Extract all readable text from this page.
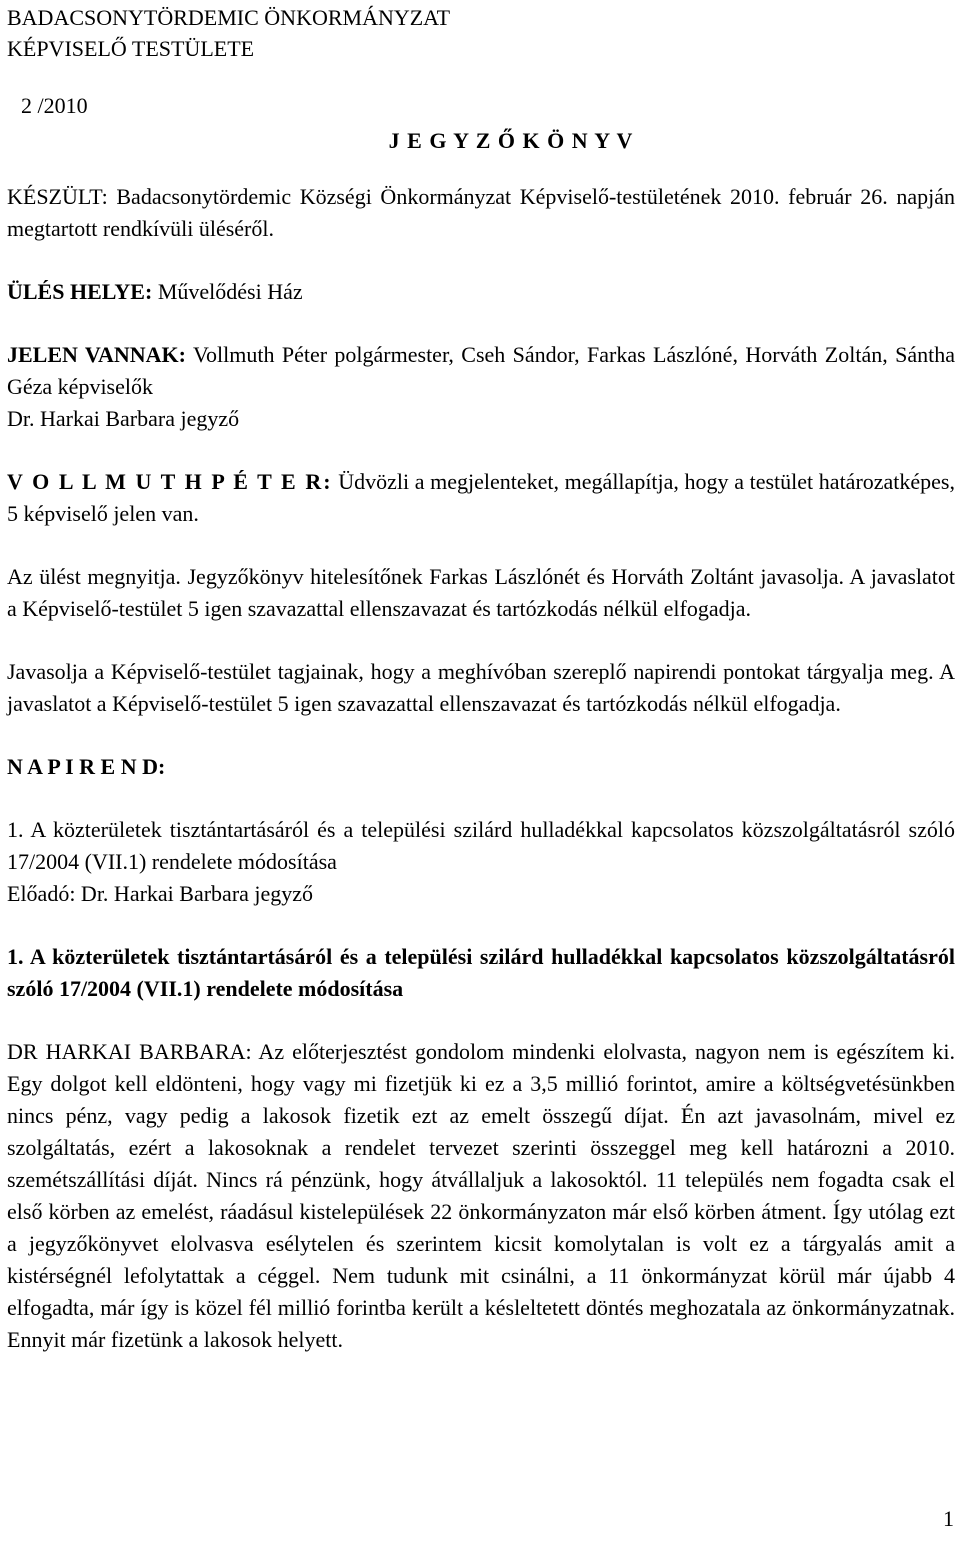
BADACSONYTÖRDEMIC ÖNKORMÁNYZAT
KÉPVISELŐ TESTÜLETE
2 /2010
J E G Y Z Ő K Ö N Y V

KÉSZÜLT: Badacsonytördemic Községi Önkormányzat Képviselő-testületének 2010. február 26. napján megtartott rendkívüli üléséről.

ÜLÉS HELYE: Művelődési Ház

JELEN VANNAK: Vollmuth Péter polgármester, Cseh Sándor, Farkas Lászlóné, Horváth Zoltán, Sántha Géza képviselők

Dr. Harkai Barbara jegyző

V O L L M U T H P É T E R: Üdvözli a megjelenteket, megállapítja, hogy a testület határozatképes, 5 képviselő jelen van.

Az ülést megnyitja. Jegyzőkönyv hitelesítőnek Farkas Lászlónét és Horváth Zoltánt javasolja. A javaslatot a Képviselő-testület 5 igen szavazattal ellenszavazat és tartózkodás nélkül elfogadja.

Javasolja a Képviselő-testület tagjainak, hogy a meghívóban szereplő napirendi pontokat tárgyalja meg. A javaslatot a Képviselő-testület 5 igen szavazattal ellenszavazat és tartózkodás nélkül elfogadja.

N A P I R E N D:

1. A közterületek tisztántartásáról és a települési szilárd hulladékkal kapcsolatos közszolgáltatásról szóló 17/2004 (VII.1) rendelete módosítása

Előadó: Dr. Harkai Barbara jegyző

1. A közterületek tisztántartásáról és a települési szilárd hulladékkal kapcsolatos közszolgáltatásról szóló 17/2004 (VII.1) rendelete módosítása

DR HARKAI BARBARA: Az előterjesztést gondolom mindenki elolvasta, nagyon nem is egészítem ki. Egy dolgot kell eldönteni, hogy vagy mi fizetjük ki ez a 3,5 millió forintot, amire a költségvetésünkben nincs pénz, vagy pedig a lakosok fizetik ezt az emelt összegű díjat. Én azt javasolnám, mivel ez szolgáltatás, ezért a lakosoknak a rendelet tervezet szerinti összeggel meg kell határozni a 2010. szemétszállítási díját. Nincs rá pénzünk, hogy átvállaljuk a lakosoktól. 11 település nem fogadta csak el első körben az emelést, ráadásul kistelepülések 22 önkormányzaton már első körben átment. Így utólag ezt a jegyzőkönyvet elolvasva esélytelen és szerintem kicsit komolytalan is volt ez a tárgyalás amit a kistérségnél lefolytattak a céggel. Nem tudunk mit csinálni, a 11 önkormányzat körül már újabb 4 elfogadta, már így is közel fél millió forintba került a késleltetett döntés meghozatala az önkormányzatnak. Ennyit már fizetünk a lakosok helyett.

1
